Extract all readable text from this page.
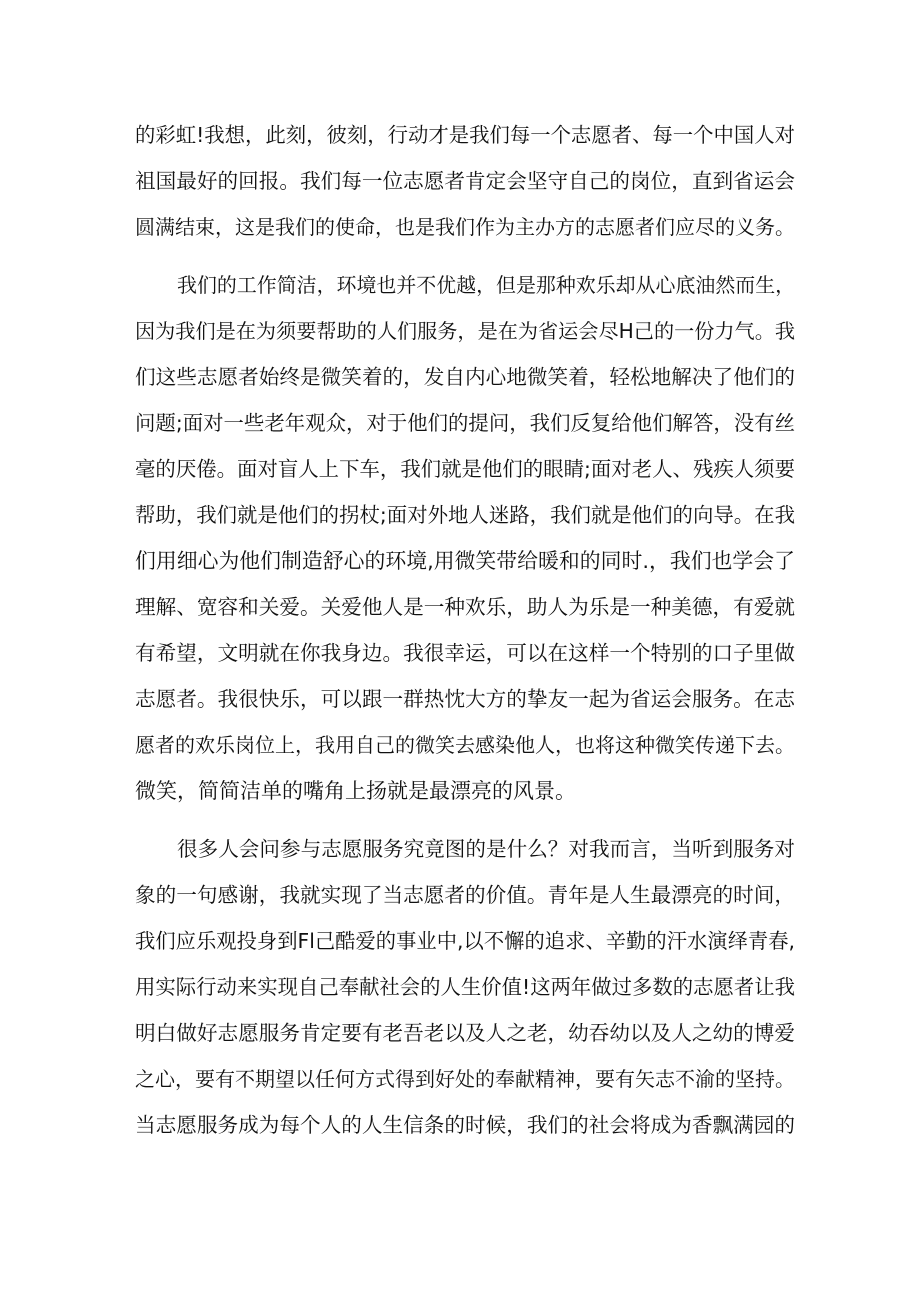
的彩虹!我想，此刻，彼刻，行动才是我们每一个志愿者、每一个中国人对
祖国最好的回报。我们每一位志愿者肯定会坚守自己的岗位，直到省运会
圆满结束，这是我们的使命，也是我们作为主办方的志愿者们应尽的义务。
我们的工作简洁，环境也并不优越，但是那种欢乐却从心底油然而生，
因为我们是在为须要帮助的人们服务，是在为省运会尽H己的一份力气。我
们这些志愿者始终是微笑着的，发自内心地微笑着，轻松地解决了他们的
问题;面对一些老年观众，对于他们的提问，我们反复给他们解答，没有丝
毫的厌倦。面对盲人上下车，我们就是他们的眼睛;面对老人、残疾人须要
帮助，我们就是他们的拐杖;面对外地人迷路，我们就是他们的向导。在我
们用细心为他们制造舒心的环境,用微笑带给暖和的同时.，我们也学会了
理解、宽容和关爱。关爱他人是一种欢乐，助人为乐是一种美德，有爱就
有希望，文明就在你我身边。我很幸运，可以在这样一个特别的口子里做
志愿者。我很快乐，可以跟一群热忱大方的挚友一起为省运会服务。在志
愿者的欢乐岗位上，我用自己的微笑去感染他人，也将这种微笑传递下去。
微笑，简简洁单的嘴角上扬就是最漂亮的风景。
很多人会问参与志愿服务究竟图的是什么？对我而言，当听到服务对
象的一句感谢，我就实现了当志愿者的价值。青年是人生最漂亮的时间，
我们应乐观投身到Fl己酷爱的事业中,以不懈的追求、辛勤的汗水演绎青春,
用实际行动来实现自己奉献社会的人生价值!这两年做过多数的志愿者让我
明白做好志愿服务肯定要有老吾老以及人之老，幼吞幼以及人之幼的博爱
之心，要有不期望以任何方式得到好处的奉献精神，要有矢志不渝的坚持。
当志愿服务成为每个人的人生信条的时候，我们的社会将成为香飘满园的
